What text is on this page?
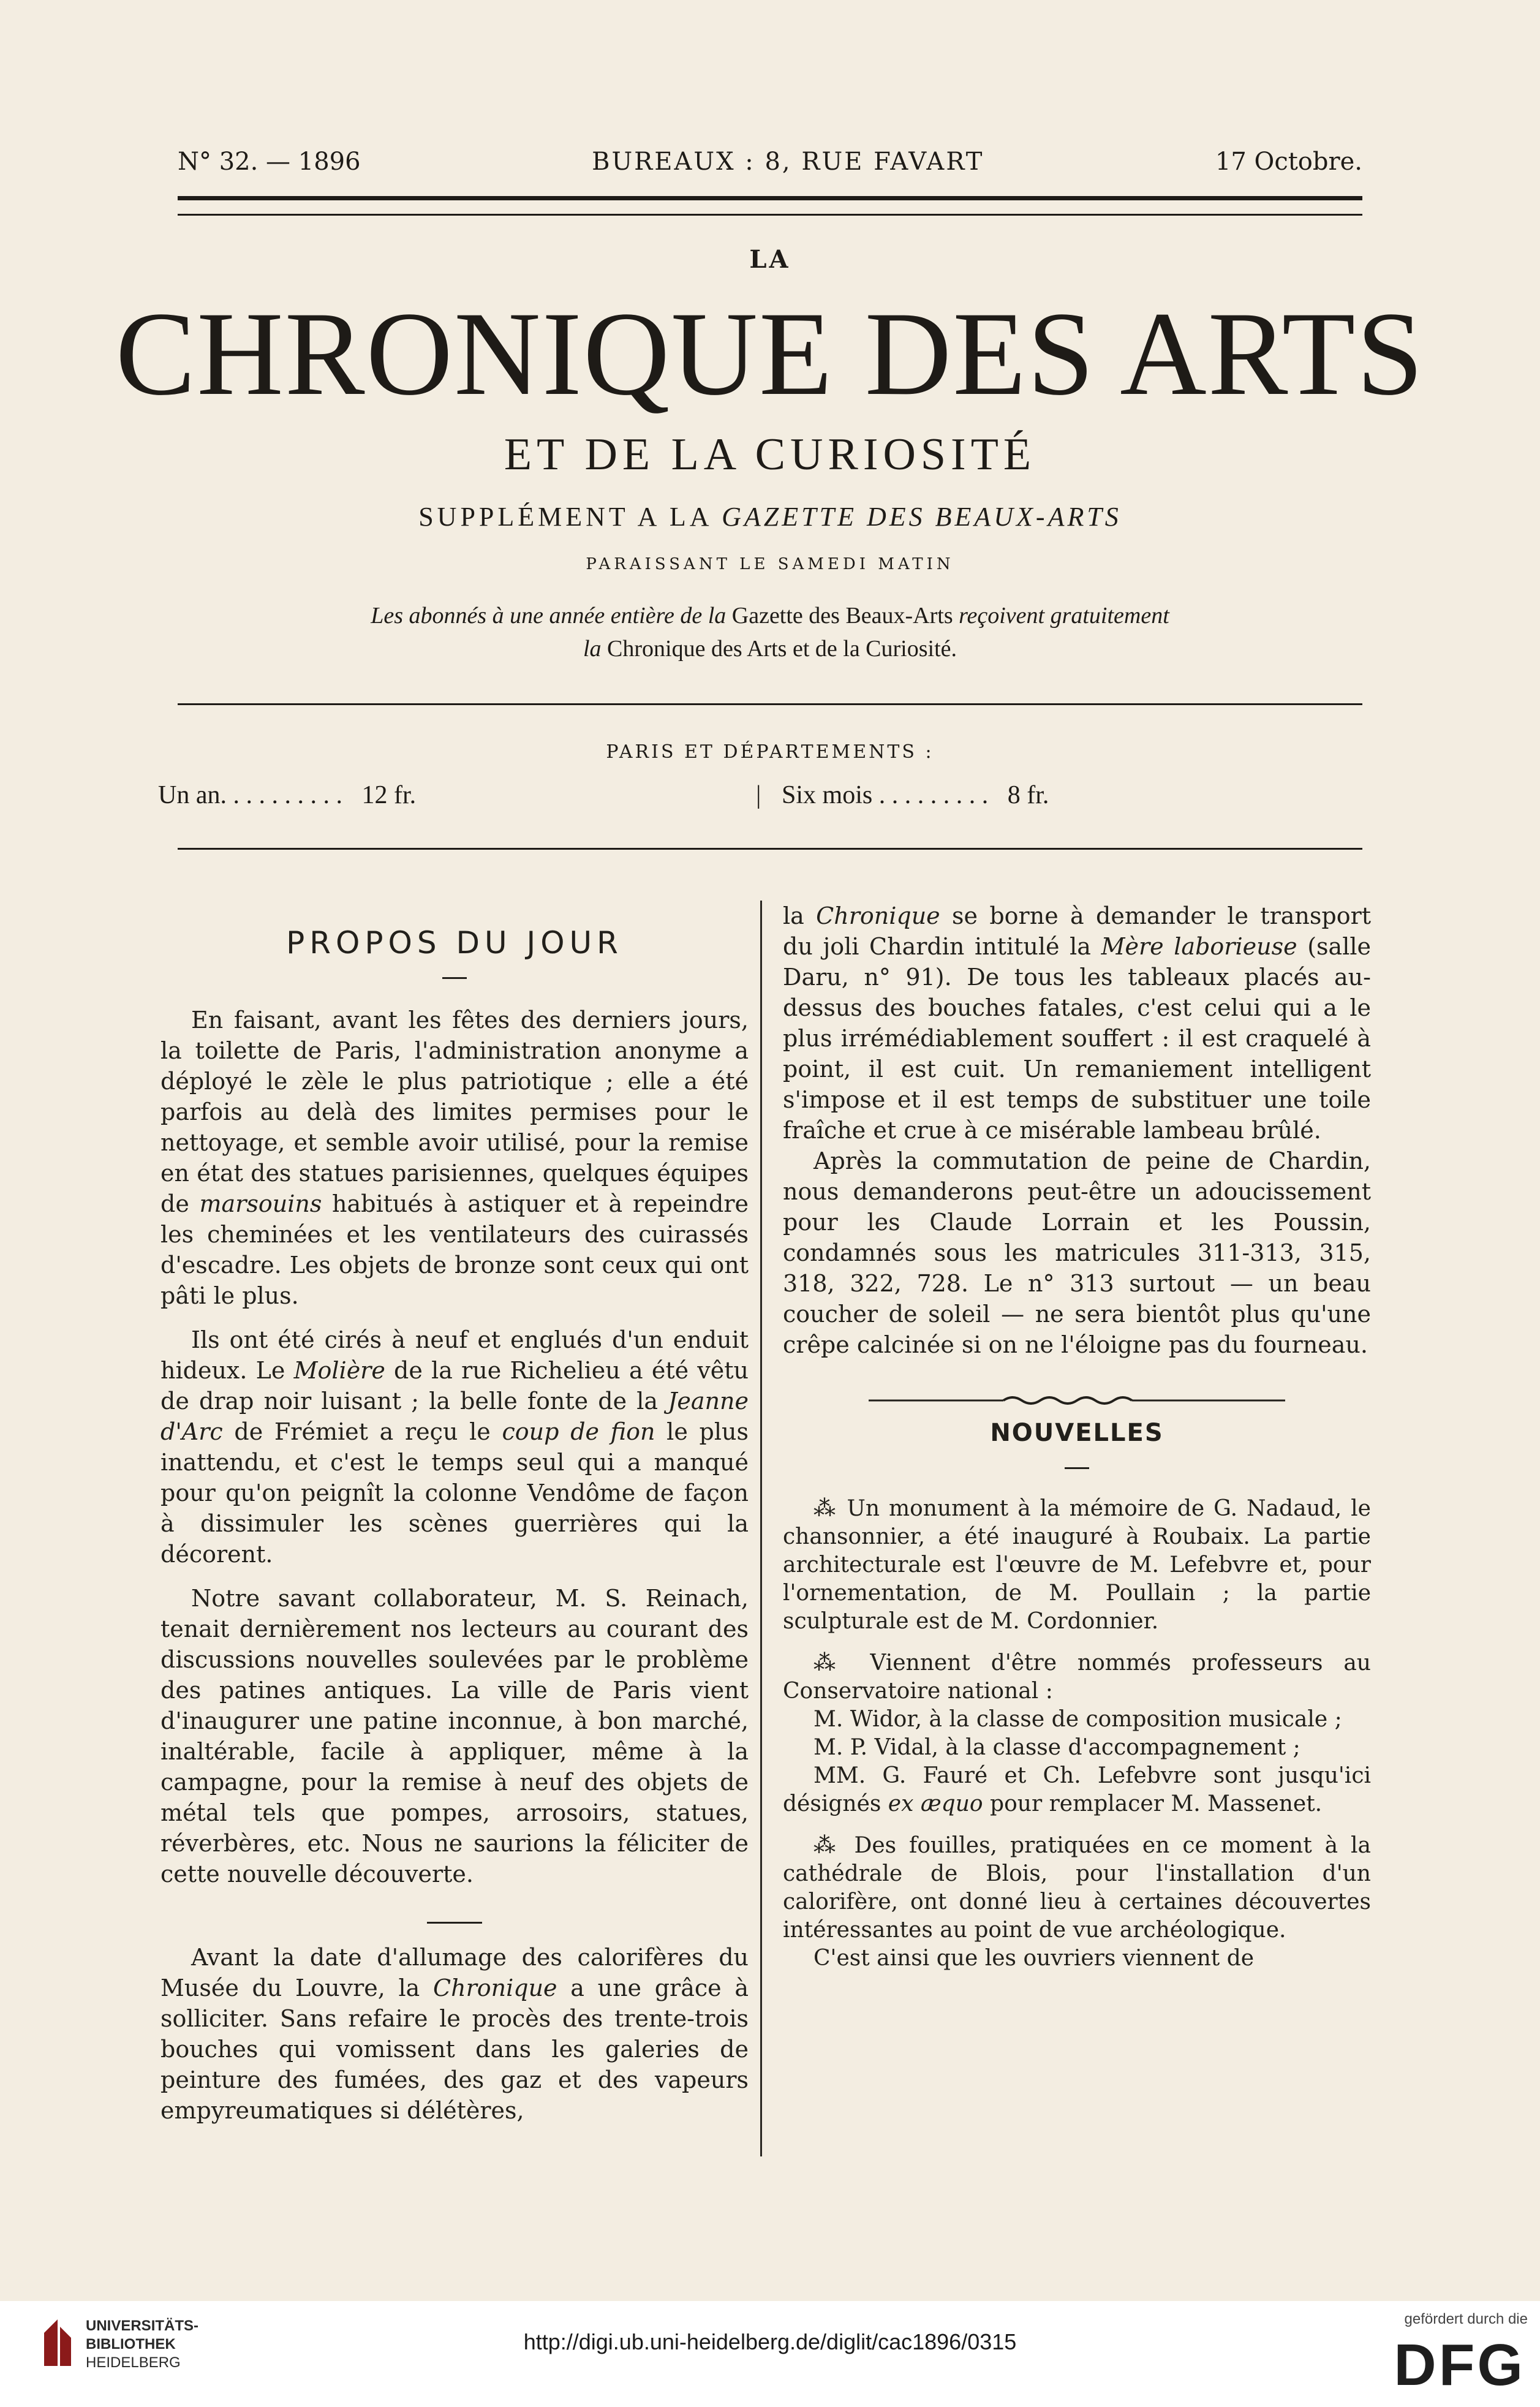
N° 32. — 1896	BUREAUX : 8, RUE FAVART	17 Octobre.
LA
CHRONIQUE DES ARTS
ET DE LA CURIOSITÉ
SUPPLÉMENT A LA GAZETTE DES BEAUX-ARTS
PARAISSANT LE SAMEDI MATIN
Les abonnés à une année entière de la Gazette des Beaux-Arts reçoivent gratuitement
la Chronique des Arts et de la Curiosité.
PARIS ET DÉPARTEMENTS :
Un an. . . . . . . . . .   12 fr.	| Six mois . . . . . . . . .   8 fr.
PROPOS DU JOUR

En faisant, avant les fêtes des derniers jours, la toilette de Paris, l'administration anonyme a déployé le zèle le plus patriotique ; elle a été parfois au delà des limites permises pour le nettoyage, et semble avoir utilisé, pour la remise en état des statues parisiennes, quelques équipes de marsouins habitués à astiquer et à repeindre les cheminées et les ventilateurs des cuirassés d'escadre. Les objets de bronze sont ceux qui ont pâti le plus.

Ils ont été cirés à neuf et englués d'un enduit hideux. Le Molière de la rue Richelieu a été vêtu de drap noir luisant ; la belle fonte de la Jeanne d'Arc de Frémiet a reçu le coup de fion le plus inattendu, et c'est le temps seul qui a manqué pour qu'on peignît la colonne Vendôme de façon à dissimuler les scènes guerrières qui la décorent.

Notre savant collaborateur, M. S. Reinach, tenait dernièrement nos lecteurs au courant des discussions nouvelles soulevées par le problème des patines antiques. La ville de Paris vient d'inaugurer une patine inconnue, à bon marché, inaltérable, facile à appliquer, même à la campagne, pour la remise à neuf des objets de métal tels que pompes, arrosoirs, statues, réverbères, etc. Nous ne saurions la féliciter de cette nouvelle découverte.

Avant la date d'allumage des calorifères du Musée du Louvre, la Chronique a une grâce à solliciter. Sans refaire le procès des trente-trois bouches qui vomissent dans les galeries de peinture des fumées, des gaz et des vapeurs empyreumatiques si délétères,

la Chronique se borne à demander le transport du joli Chardin intitulé la Mère laborieuse (salle Daru, n° 91). De tous les tableaux placés au-dessus des bouches fatales, c'est celui qui a le plus irrémédiablement souffert : il est craquelé à point, il est cuit. Un remaniement intelligent s'impose et il est temps de substituer une toile fraîche et crue à ce misérable lambeau brûlé.

Après la commutation de peine de Chardin, nous demanderons peut-être un adoucissement pour les Claude Lorrain et les Poussin, condamnés sous les matricules 311-313, 315, 318, 322, 728. Le n° 313 surtout — un beau coucher de soleil — ne sera bientôt plus qu'une crêpe calcinée si on ne l'éloigne pas du fourneau.

NOUVELLES

⁂ Un monument à la mémoire de G. Nadaud, le chansonnier, a été inauguré à Roubaix. La partie architecturale est l'œuvre de M. Lefebvre et, pour l'ornementation, de M. Poullain ; la partie sculpturale est de M. Cordonnier.

⁂ Viennent d'être nommés professeurs au Conservatoire national :

M. Widor, à la classe de composition musicale ;

M. P. Vidal, à la classe d'accompagnement ;

MM. G. Fauré et Ch. Lefebvre sont jusqu'ici désignés ex æquo pour remplacer M. Massenet.

⁂ Des fouilles, pratiquées en ce moment à la cathédrale de Blois, pour l'installation d'un calorifère, ont donné lieu à certaines découvertes intéressantes au point de vue archéologique.

C'est ainsi que les ouvriers viennent de

UNIVERSITÄTS-
BIBLIOTHEK
HEIDELBERG
http://digi.ub.uni-heidelberg.de/diglit/cac1896/0315
gefördert durch die
DFG
